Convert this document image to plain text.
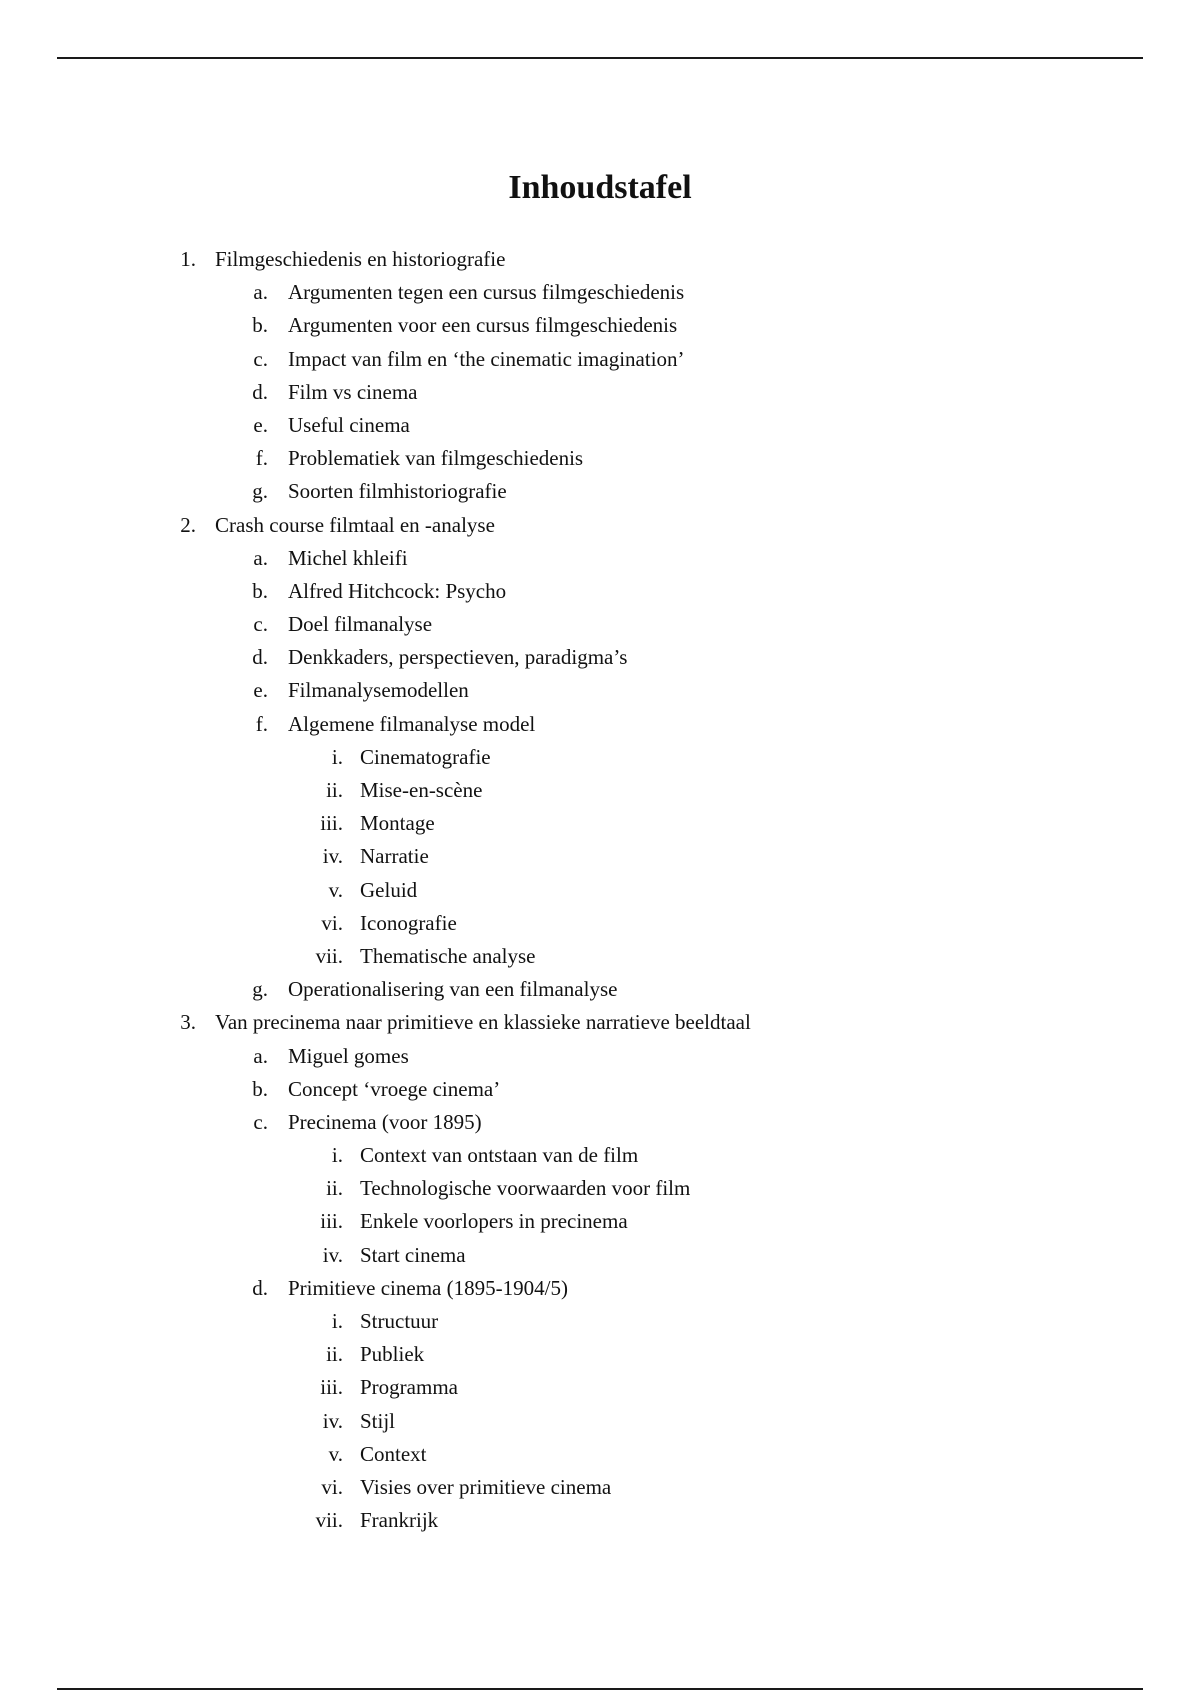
Inhoudstafel
1. Filmgeschiedenis en historiografie
a. Argumenten tegen een cursus filmgeschiedenis
b. Argumenten voor een cursus filmgeschiedenis
c. Impact van film en ‘the cinematic imagination’
d. Film vs cinema
e. Useful cinema
f. Problematiek van filmgeschiedenis
g. Soorten filmhistoriografie
2. Crash course filmtaal en -analyse
a. Michel khleifi
b. Alfred Hitchcock: Psycho
c. Doel filmanalyse
d. Denkkaders, perspectieven, paradigma’s
e. Filmanalysemodellen
f. Algemene filmanalyse model
i. Cinematografie
ii. Mise-en-scène
iii. Montage
iv. Narratie
v. Geluid
vi. Iconografie
vii. Thematische analyse
g. Operationalisering van een filmanalyse
3. Van precinema naar primitieve en klassieke narratieve beeldtaal
a. Miguel gomes
b. Concept ‘vroege cinema’
c. Precinema (voor 1895)
i. Context van ontstaan van de film
ii. Technologische voorwaarden voor film
iii. Enkele voorlopers in precinema
iv. Start cinema
d. Primitieve cinema (1895-1904/5)
i. Structuur
ii. Publiek
iii. Programma
iv. Stijl
v. Context
vi. Visies over primitieve cinema
vii. Frankrijk
